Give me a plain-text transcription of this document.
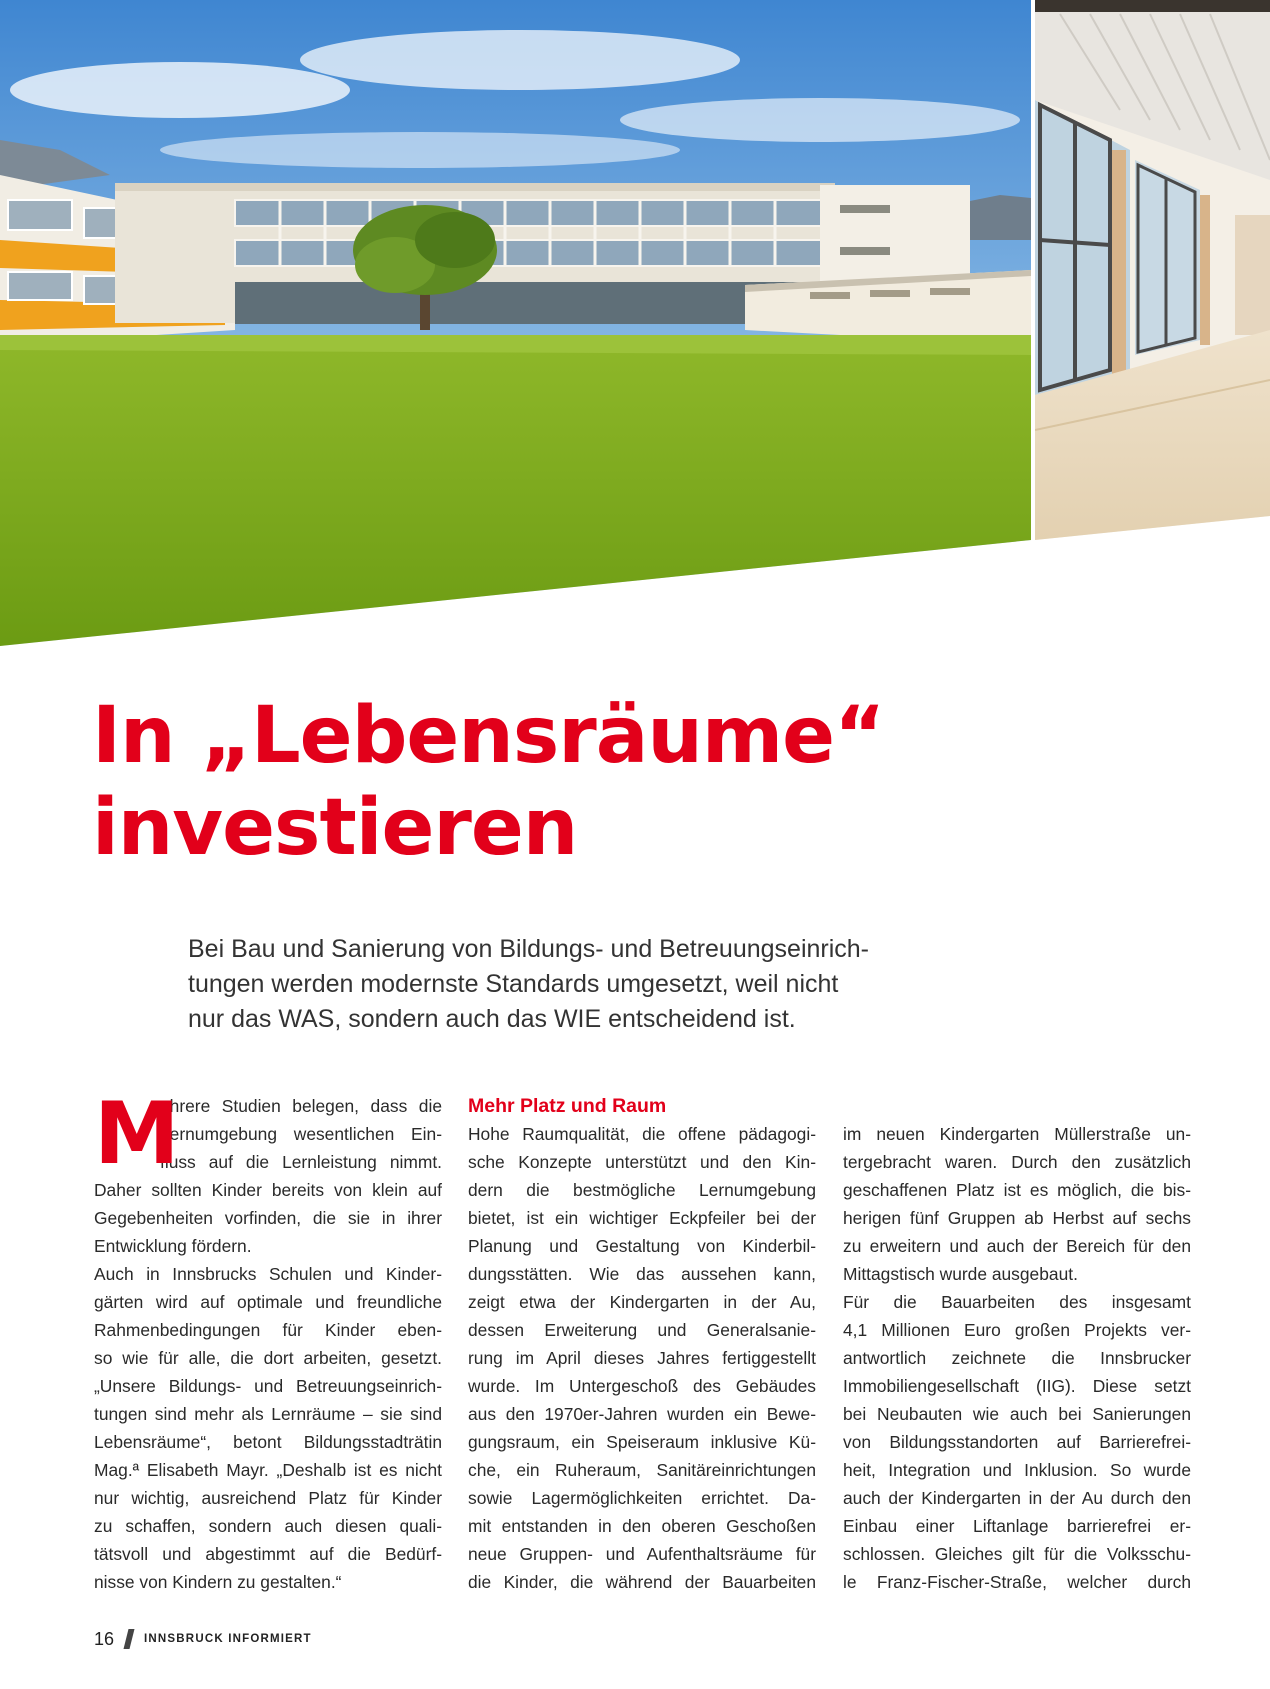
In „Lebensräume“
investieren

Bei Bau und Sanierung von Bildungs- und Betreuungseinrich-
tungen werden modernste Standards umgesetzt, weil nicht
nur das WAS, sondern auch das WIE entscheidend ist.

M
ehrere Studien belegen, dass die
Lernumgebung wesentlichen Ein-
fluss auf die Lernleistung nimmt.
Daher sollten Kinder bereits von klein auf
Gegebenheiten vorfinden, die sie in ihrer
Entwicklung fördern.
Auch in Innsbrucks Schulen und Kinder-
gärten wird auf optimale und freundliche
Rahmenbedingungen für Kinder eben-
so wie für alle, die dort arbeiten, gesetzt.
„Unsere Bildungs- und Betreuungseinrich-
tungen sind mehr als Lernräume – sie sind
Lebensräume“, betont Bildungsstadträtin
Mag.ª Elisabeth Mayr. „Deshalb ist es nicht
nur wichtig, ausreichend Platz für Kinder
zu schaffen, sondern auch diesen quali-
tätsvoll und abgestimmt auf die Bedürf-
nisse von Kindern zu gestalten.“
Mehr Platz und Raum
Hohe Raumqualität, die offene pädagogi-
sche Konzepte unterstützt und den Kin-
dern die bestmögliche Lernumgebung
bietet, ist ein wichtiger Eckpfeiler bei der
Planung und Gestaltung von Kinderbil-
dungsstätten. Wie das aussehen kann,
zeigt etwa der Kindergarten in der Au,
dessen Erweiterung und Generalsanie-
rung im April dieses Jahres fertiggestellt
wurde. Im Untergeschoß des Gebäudes
aus den 1970er-Jahren wurden ein Bewe-
gungsraum, ein Speiseraum inklusive Kü-
che, ein Ruheraum, Sanitäreinrichtungen
sowie Lagermöglichkeiten errichtet. Da-
mit entstanden in den oberen Geschoßen
neue Gruppen- und Aufenthaltsräume für
die Kinder, die während der Bauarbeiten
im neuen Kindergarten Müllerstraße un-
tergebracht waren. Durch den zusätzlich
geschaffenen Platz ist es möglich, die bis-
herigen fünf Gruppen ab Herbst auf sechs
zu erweitern und auch der Bereich für den
Mittagstisch wurde ausgebaut.
Für die Bauarbeiten des insgesamt
4,1 Millionen Euro großen Projekts ver-
antwortlich zeichnete die Innsbrucker
Immobiliengesellschaft (IIG). Diese setzt
bei Neubauten wie auch bei Sanierungen
von Bildungsstandorten auf Barrierefrei-
heit, Integration und Inklusion. So wurde
auch der Kindergarten in der Au durch den
Einbau einer Liftanlage barrierefrei er-
schlossen. Gleiches gilt für die Volksschu-
le Franz-Fischer-Straße, welcher durch
16	INNSBRUCK INFORMIERT
